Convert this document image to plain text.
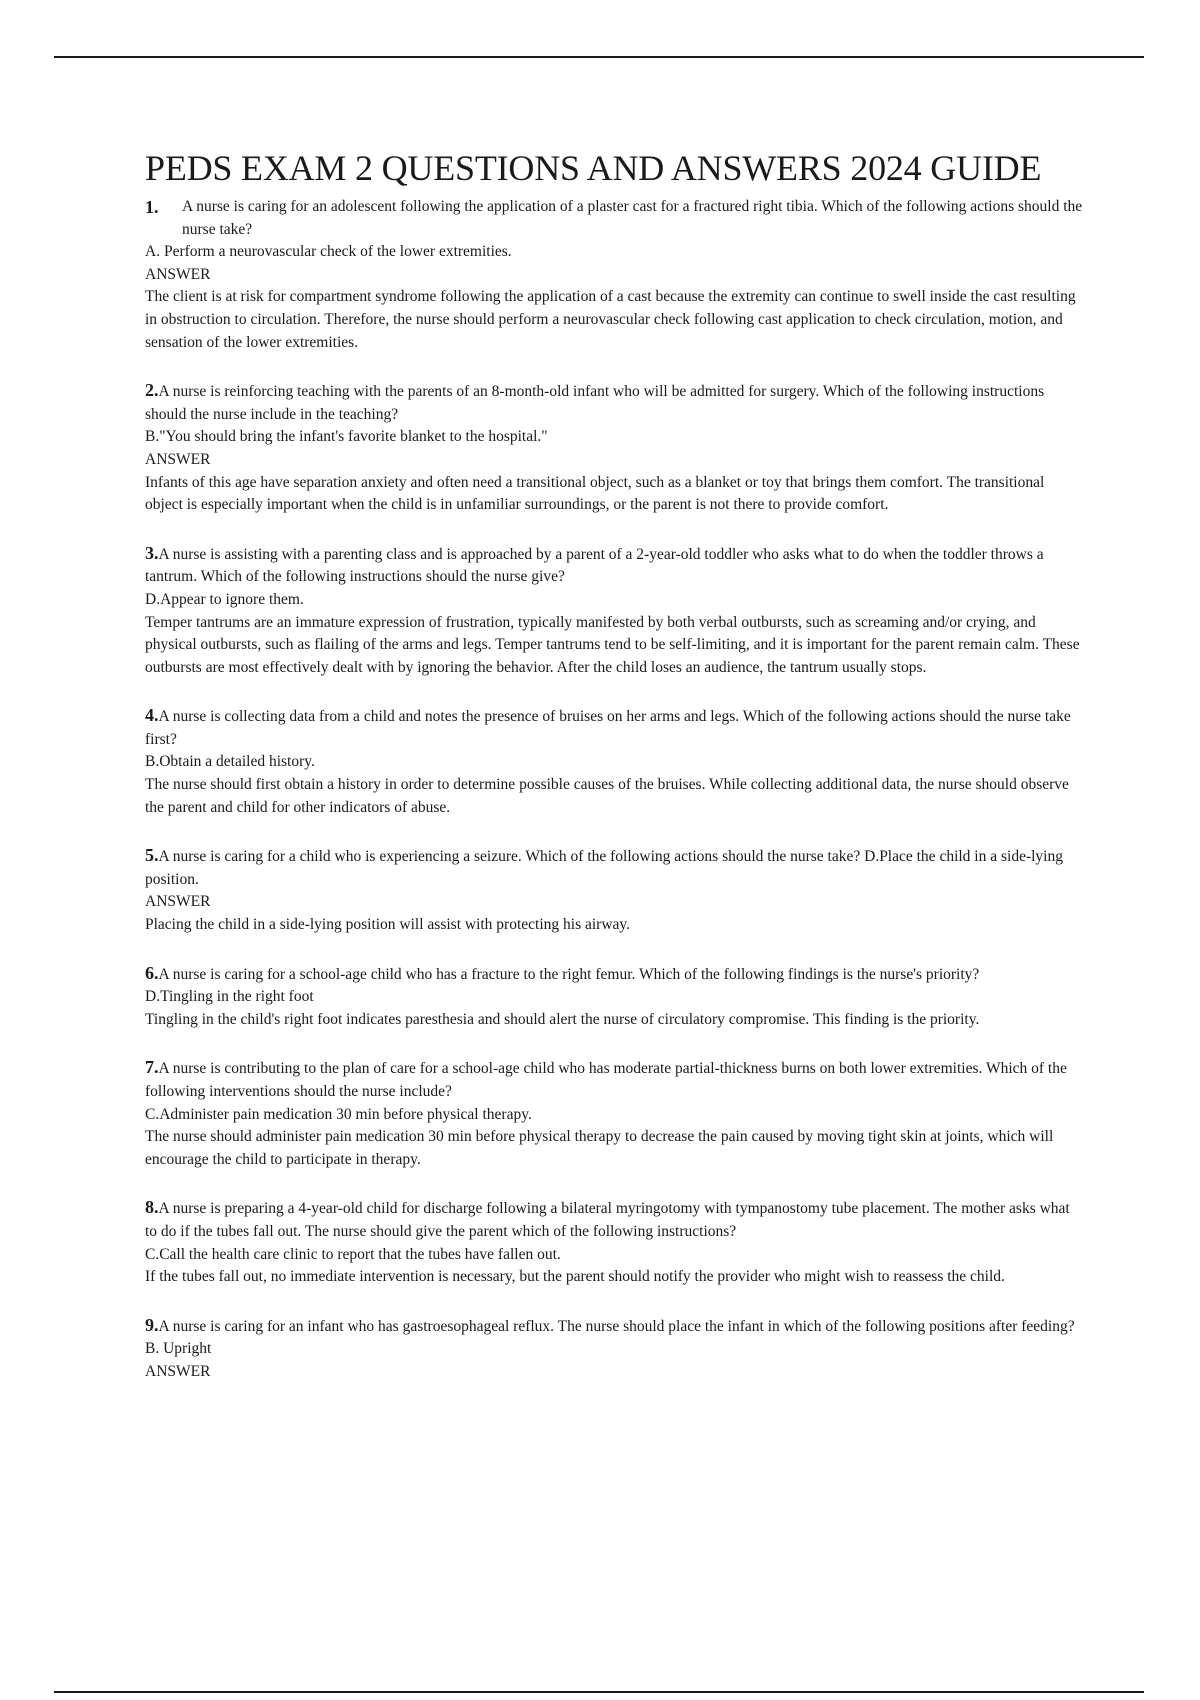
PEDS EXAM 2 QUESTIONS AND ANSWERS 2024 GUIDE
1.	A nurse is caring for an adolescent following the application of a plaster cast for a fractured right tibia. Which of the following actions should the nurse take?

A. Perform a neurovascular check of the lower extremities.

ANSWER

The client is at risk for compartment syndrome following the application of a cast because the extremity can continue to swell inside the cast resulting in obstruction to circulation. Therefore, the nurse should perform a neurovascular check following cast application to check circulation, motion, and sensation of the lower extremities.

2.A nurse is reinforcing teaching with the parents of an 8-month-old infant who will be admitted for surgery. Which of the following instructions should the nurse include in the teaching?

B."You should bring the infant's favorite blanket to the hospital."

ANSWER

Infants of this age have separation anxiety and often need a transitional object, such as a blanket or toy that brings them comfort. The transitional object is especially important when the child is in unfamiliar surroundings, or the parent is not there to provide comfort.

3.A nurse is assisting with a parenting class and is approached by a parent of a 2-year-old toddler who asks what to do when the toddler throws a tantrum. Which of the following instructions should the nurse give?

D.Appear to ignore them.

Temper tantrums are an immature expression of frustration, typically manifested by both verbal outbursts, such as screaming and/or crying, and physical outbursts, such as flailing of the arms and legs. Temper tantrums tend to be self-limiting, and it is important for the parent remain calm. These outbursts are most effectively dealt with by ignoring the behavior. After the child loses an audience, the tantrum usually stops.

4.A nurse is collecting data from a child and notes the presence of bruises on her arms and legs. Which of the following actions should the nurse take first?

B.Obtain a detailed history.

The nurse should first obtain a history in order to determine possible causes of the bruises. While collecting additional data, the nurse should observe the parent and child for other indicators of abuse.

5.A nurse is caring for a child who is experiencing a seizure. Which of the following actions should the nurse take? D.Place the child in a side-lying position.

ANSWER

Placing the child in a side-lying position will assist with protecting his airway.

6.A nurse is caring for a school-age child who has a fracture to the right femur. Which of the following findings is the nurse's priority?

D.Tingling in the right foot

Tingling in the child's right foot indicates paresthesia and should alert the nurse of circulatory compromise. This finding is the priority.

7.A nurse is contributing to the plan of care for a school-age child who has moderate partial-thickness burns on both lower extremities. Which of the following interventions should the nurse include?

C.Administer pain medication 30 min before physical therapy.

The nurse should administer pain medication 30 min before physical therapy to decrease the pain caused by moving tight skin at joints, which will encourage the child to participate in therapy.

8.A nurse is preparing a 4-year-old child for discharge following a bilateral myringotomy with tympanostomy tube placement. The mother asks what to do if the tubes fall out. The nurse should give the parent which of the following instructions?

C.Call the health care clinic to report that the tubes have fallen out.

If the tubes fall out, no immediate intervention is necessary, but the parent should notify the provider who might wish to reassess the child.

9.A nurse is caring for an infant who has gastroesophageal reflux. The nurse should place the infant in which of the following positions after feeding?

B. Upright

ANSWER
